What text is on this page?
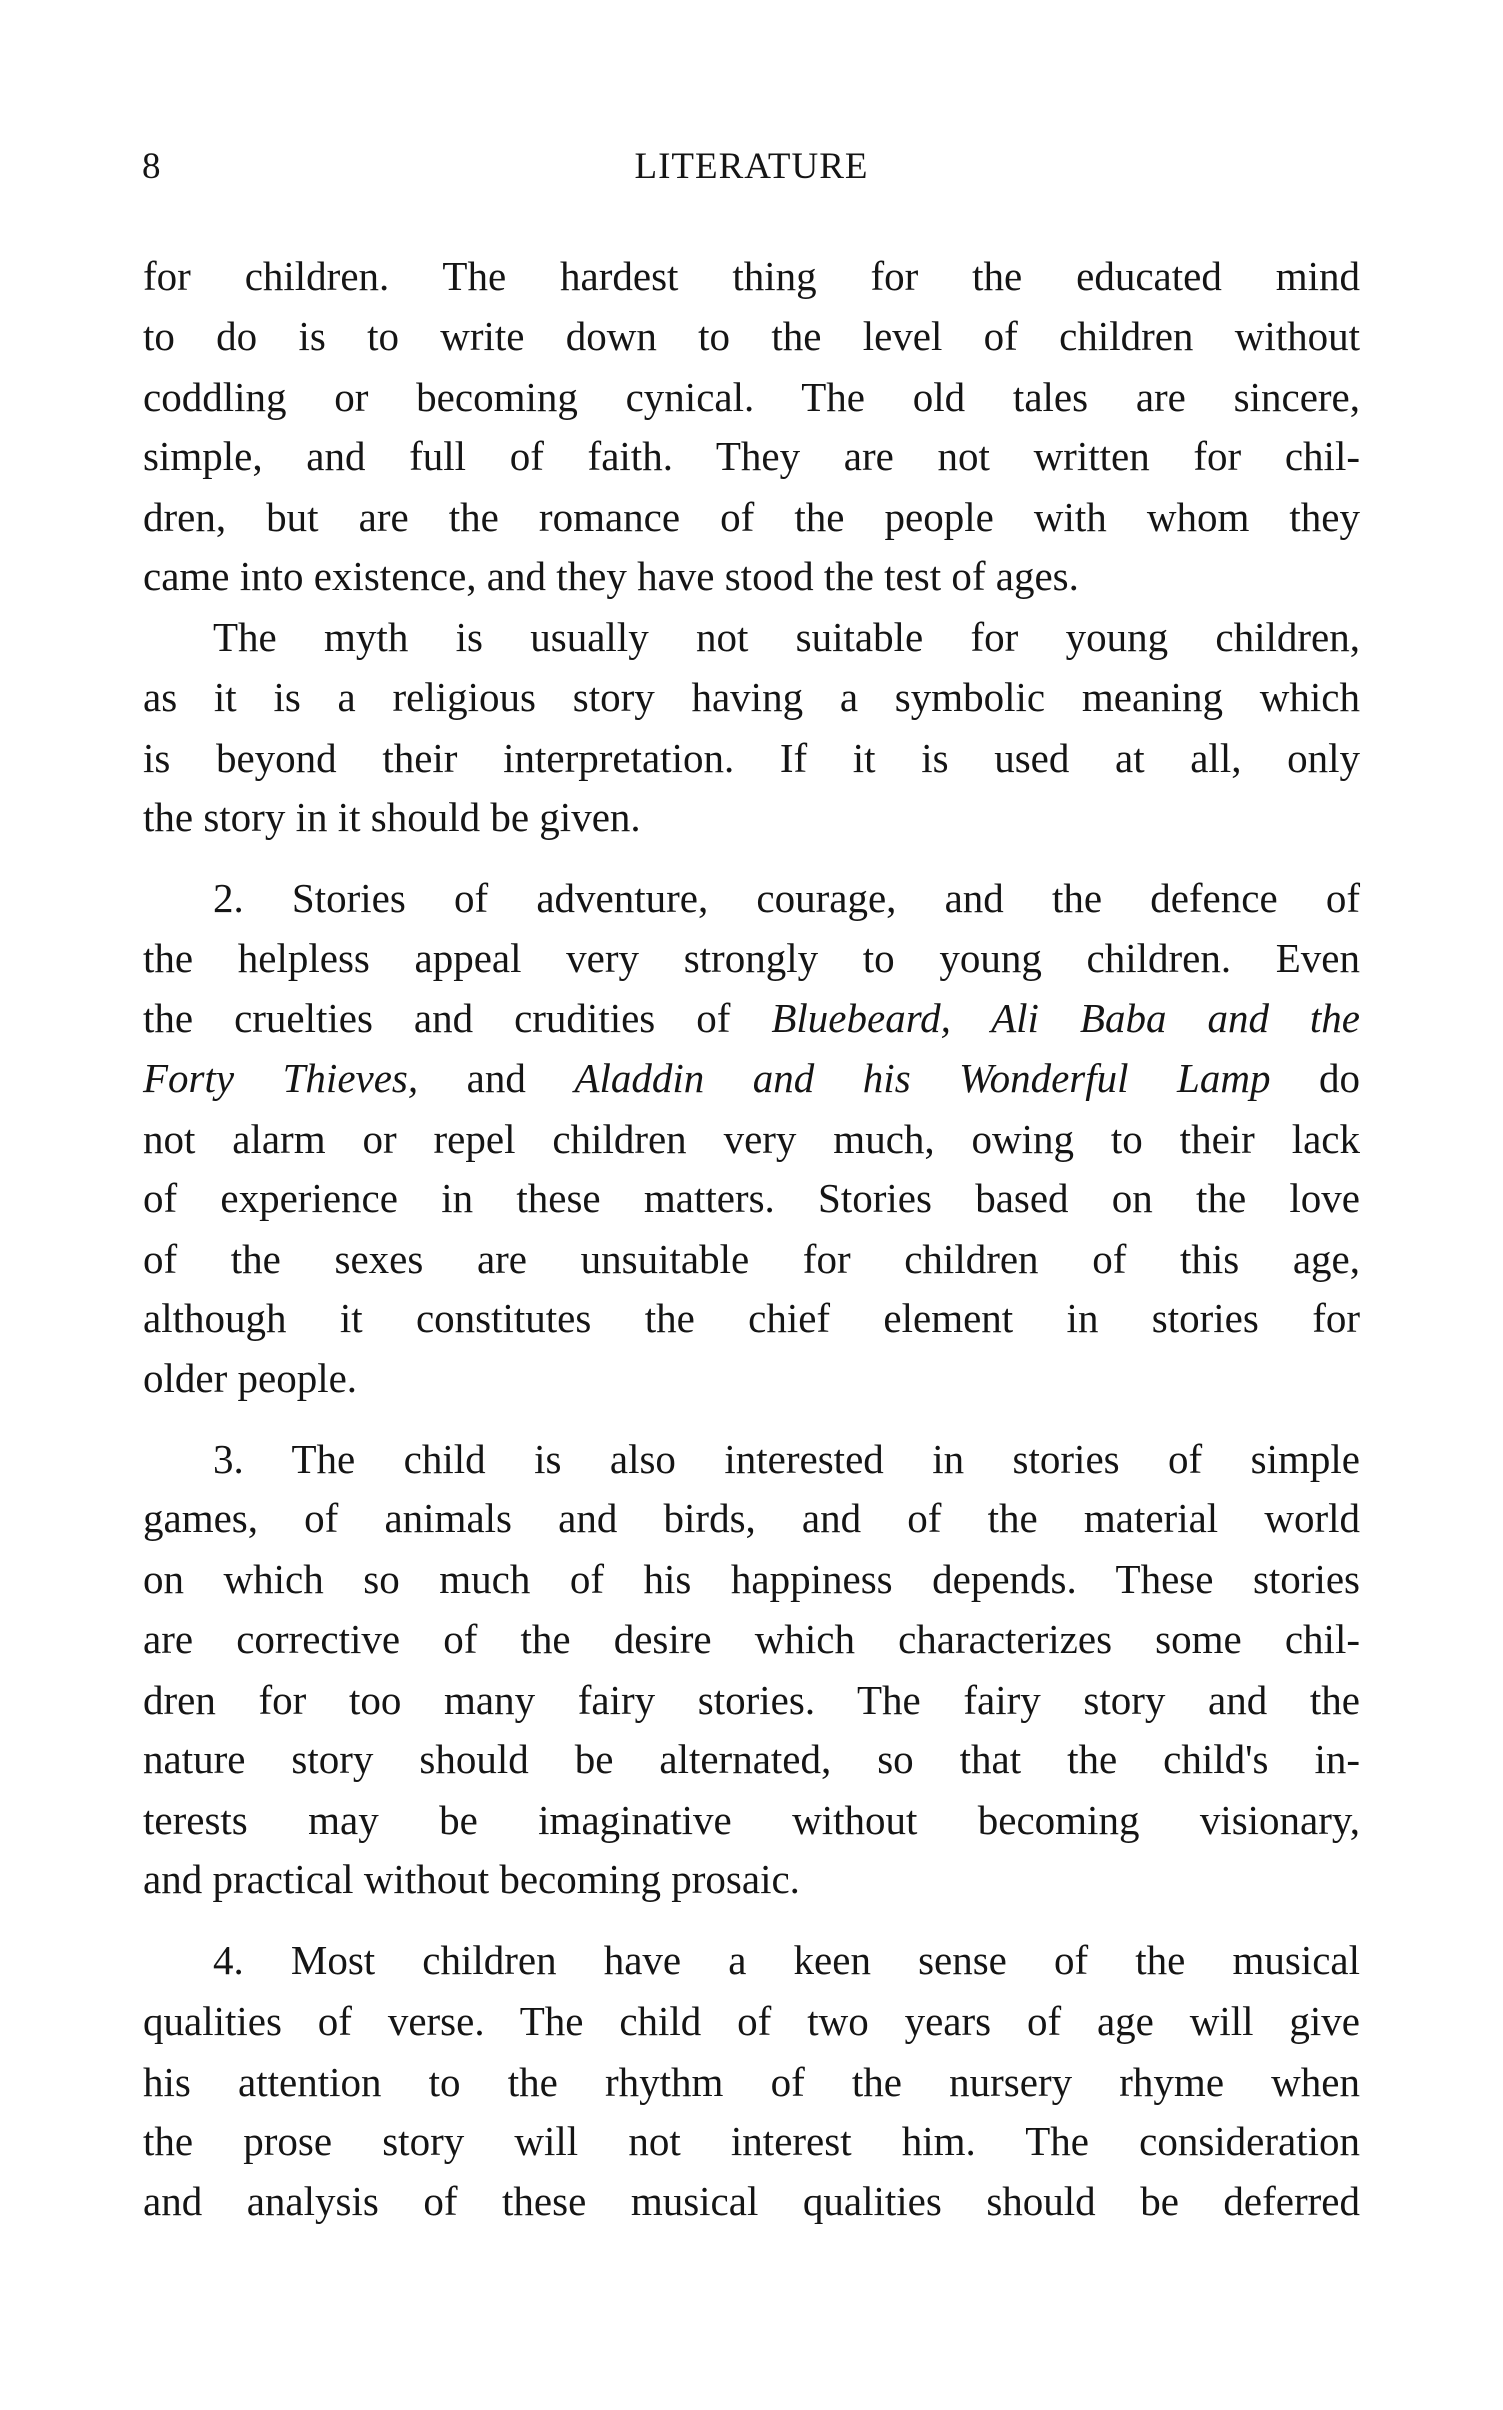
8	LITERATURE
for children. The hardest thing for the educated mind
to do is to write down to the level of children without
coddling or becoming cynical. The old tales are sincere,
simple, and full of faith. They are not written for chil-
dren, but are the romance of the people with whom they
came into existence, and they have stood the test of ages.
The myth is usually not suitable for young children,
as it is a religious story having a symbolic meaning which
is beyond their interpretation. If it is used at all, only
the story in it should be given.
2. Stories of adventure, courage, and the defence of
the helpless appeal very strongly to young children. Even
the cruelties and crudities of Bluebeard, Ali Baba and the
Forty Thieves, and Aladdin and his Wonderful Lamp do
not alarm or repel children very much, owing to their lack
of experience in these matters. Stories based on the love
of the sexes are unsuitable for children of this age,
although it constitutes the chief element in stories for
older people.
3. The child is also interested in stories of simple
games, of animals and birds, and of the material world
on which so much of his happiness depends. These stories
are corrective of the desire which characterizes some chil-
dren for too many fairy stories. The fairy story and the
nature story should be alternated, so that the child's in-
terests may be imaginative without becoming visionary,
and practical without becoming prosaic.
4. Most children have a keen sense of the musical
qualities of verse. The child of two years of age will give
his attention to the rhythm of the nursery rhyme when
the prose story will not interest him. The consideration
and analysis of these musical qualities should be deferred
